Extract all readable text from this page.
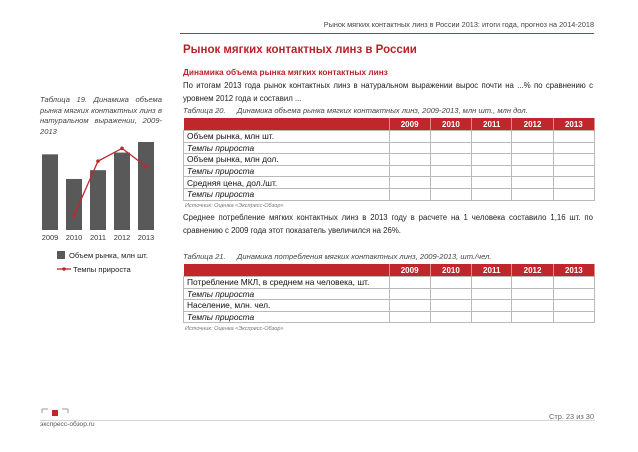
Рынок мягких контактных линз в России 2013: итоги года, прогноз на 2014-2018
Рынок мягких контактных линз в России
Динамика объема рынка мягких контактных линз
По итогам 2013 года рынок контактных линз в натуральном выражении вырос почти на ...% по сравнению с уровнем 2012 года и составил ...
Таблица 19. Динамика объема рынка мягких контактных линз в натуральном выражении, 2009-2013
2009 2010 2011 2012 2013
Объем рынка, млн шт.
Темпы прироста
Таблица 20. Динамика объема рынка мягких контактных линз, 2009-2013, млн шт., млн дол.
	2009	2010	2011	2012	2013
Объем рынка, млн шт.					
Темпы прироста					
Объем рынка, млн дол.					
Темпы прироста					
Средняя цена, дол./шт.					
Темпы прироста					
Источник: Оценка «Экспресс-Обзор»
Среднее потребление мягких контактных линз в 2013 году в расчете на 1 человека составило 1,16 шт. по сравнению с 2009 года этот показатель увеличился на 26%.
Таблица 21. Динамика потребления мягких контактных линз, 2009-2013, шт./чел.
	2009	2010	2011	2012	2013
Потребление МКЛ, в среднем на человека, шт.					
Темпы прироста					
Население, млн. чел.					
Темпы прироста					
Источник: Оценка «Экспресс-Обзор»
экспресс-обзор.ru
Стр. 23 из 30
